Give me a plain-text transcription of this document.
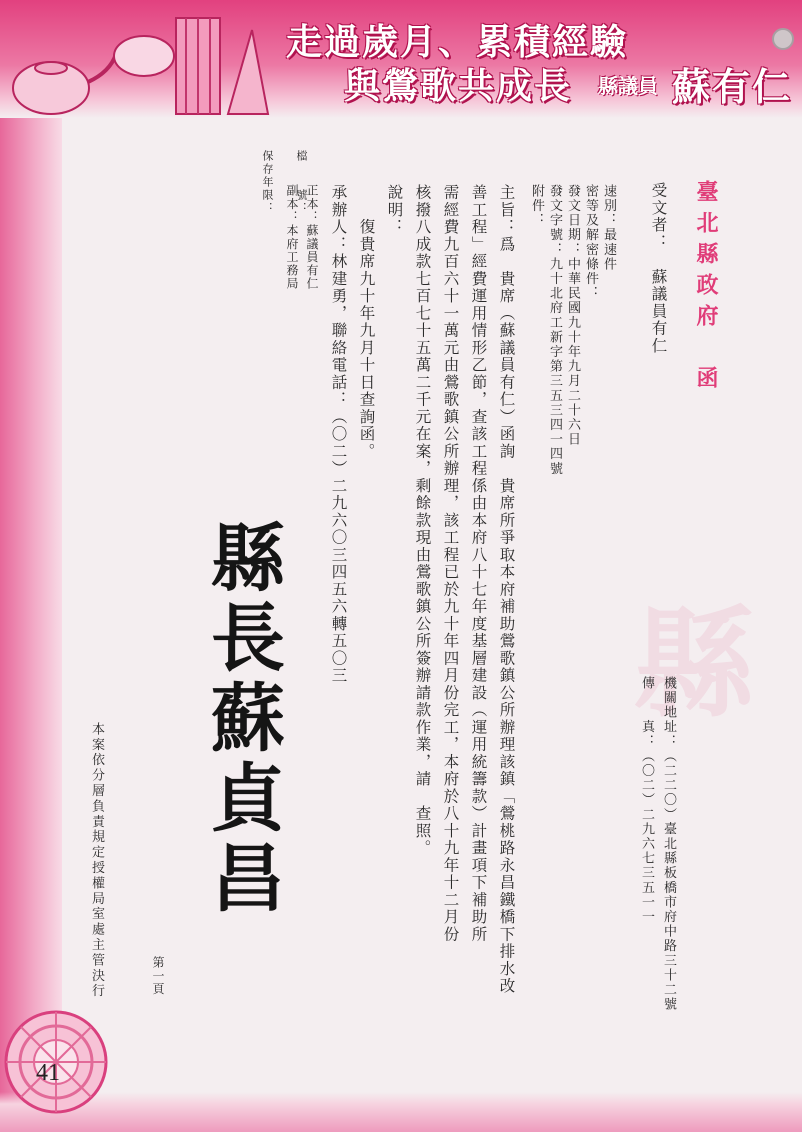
縣
走過歲月、累積經驗
與鶯歌共成長 縣議員 蘇有仁
檔　　號：
保存年限：	臺北縣政府　函
受文者：　蘇議員有仁
速別：最速件
密等及解密條件：
發文日期：中華民國九十年九月二十六日
發文字號：九十北府工新字第三五三四一四號
附件：
主旨：爲　貴席（蘇議員有仁）函詢　貴席所爭取本府補助鶯歌鎮公所辦理該鎮「鶯桃路永昌鐵橋下排水改
善工程」經費運用情形乙節，查該工程係由本府八十七年度基層建設（運用統籌款）計畫項下補助所
需經費九百六十一萬元由鶯歌鎮公所辦理，該工程已於九十年四月份完工，本府於八十九年十二月份
核撥八成款七百七十五萬二千元在案，剩餘款現由鶯歌鎮公所簽辦請款作業，請　查照。
說明：
　　復貴席九十年九月十日查詢函。
承辦人：林建勇，聯絡電話：（〇二）二九六〇三四五六轉五〇三
正本：蘇議員有仁
副本：本府工務局
機關地址：（二二〇）臺北縣板橋市府中路三十二號
傳　　真：（〇二）二九六七三五一一
縣長蘇貞昌
第一頁
本案依分層負責規定授權局室處主管決行
41
